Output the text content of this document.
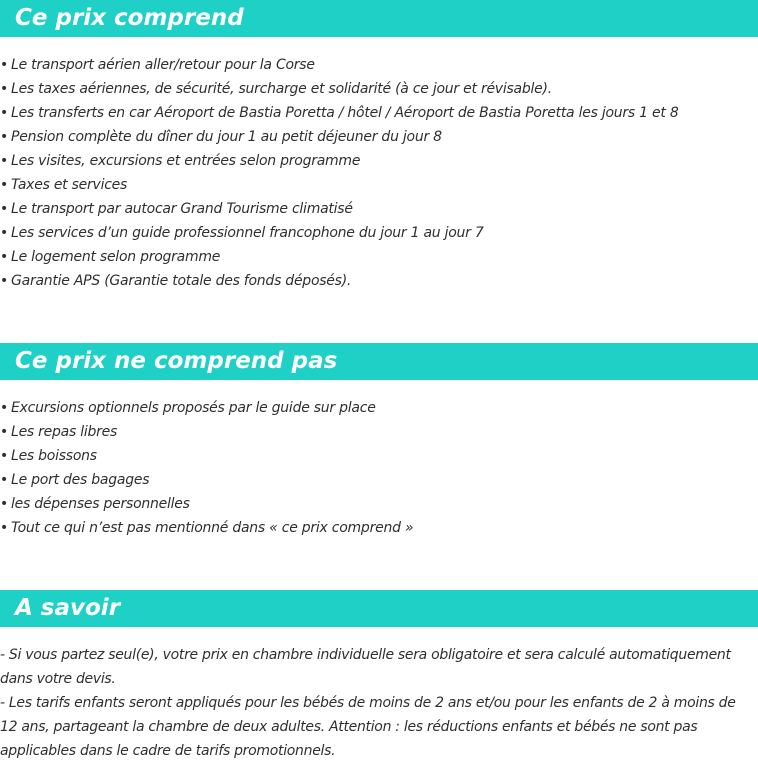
Ce prix comprend
• Le transport aérien aller/retour pour la Corse
• Les taxes aériennes, de sécurité, surcharge et solidarité (à ce jour et révisable).
• Les transferts en car Aéroport de Bastia Poretta / hôtel / Aéroport de Bastia Poretta les jours 1 et 8
• Pension complète du dîner du jour 1 au petit déjeuner du jour 8
• Les visites, excursions et entrées selon programme
• Taxes et services
• Le transport par autocar Grand Tourisme climatisé
• Les services d’un guide professionnel francophone du jour 1 au jour 7
• Le logement selon programme
• Garantie APS (Garantie totale des fonds déposés).
Ce prix ne comprend pas
• Excursions optionnels proposés par le guide sur place
• Les repas libres
• Les boissons
• Le port des bagages
• les dépenses personnelles
• Tout ce qui n’est pas mentionné dans « ce prix comprend »
A savoir

- Si vous partez seul(e), votre prix en chambre individuelle sera obligatoire et sera calculé automatiquement dans votre devis.

- Les tarifs enfants seront appliqués pour les bébés de moins de 2 ans et/ou pour les enfants de 2 à moins de 12 ans, partageant la chambre de deux adultes. Attention : les réductions enfants et bébés ne sont pas applicables dans le cadre de tarifs promotionnels.
